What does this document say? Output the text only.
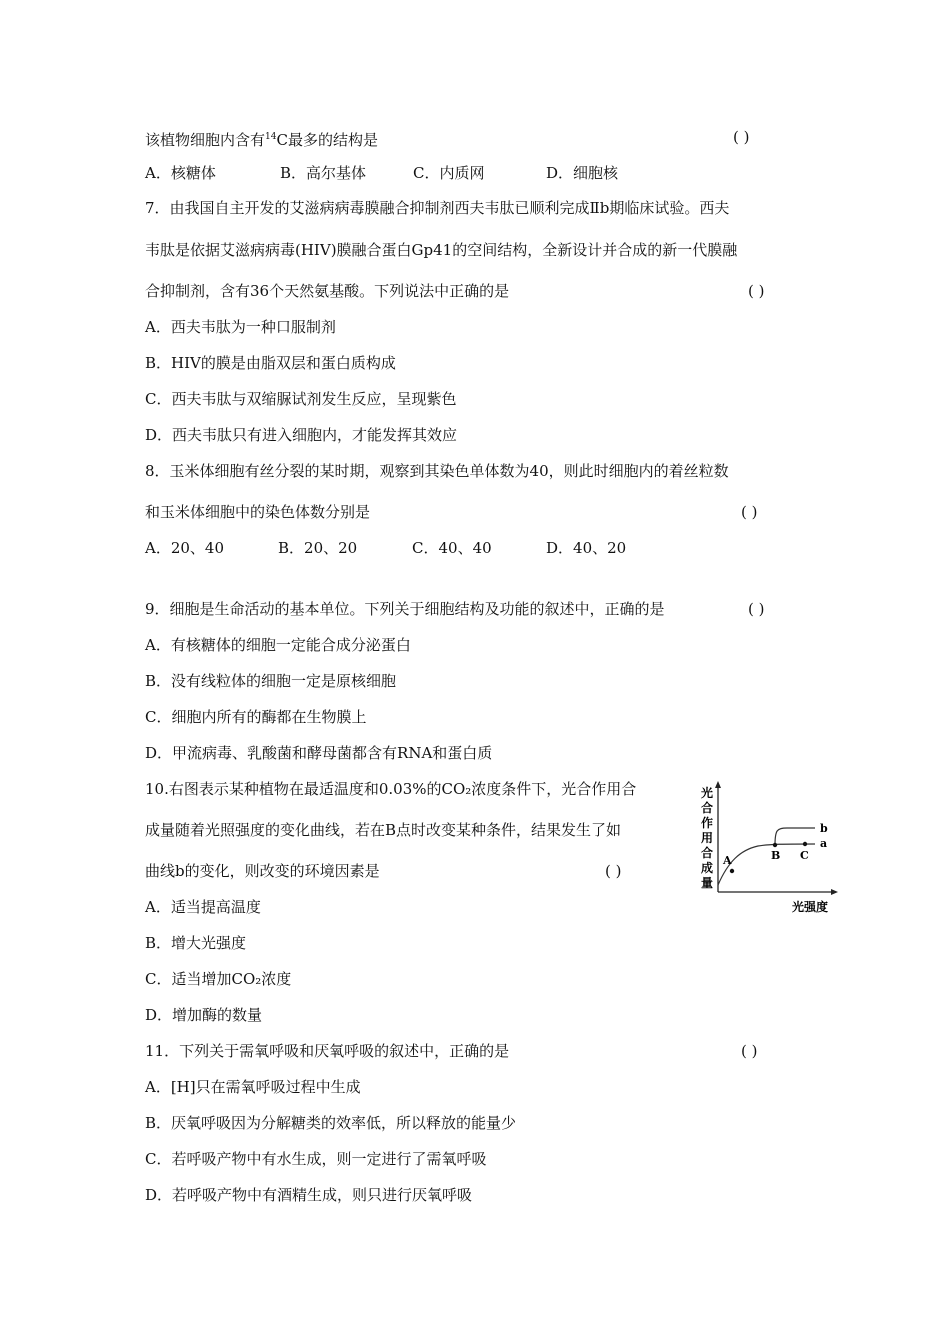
该植物细胞内含有$^{14}$C最多的结构是	( )
A．核糖体	B．高尔基体	C．内质网	D．细胞核
7．由我国自主开发的艾滋病病毒膜融合抑制剂西夫韦肽已顺利完成Ⅱb期临床试验。西夫
韦肽是依据艾滋病病毒(HIV)膜融合蛋白Gp41的空间结构，全新设计并合成的新一代膜融
合抑制剂，含有36个天然氨基酸。下列说法中正确的是	( )
A．西夫韦肽为一种口服制剂
B．HIV的膜是由脂双层和蛋白质构成
C．西夫韦肽与双缩脲试剂发生反应，呈现紫色
D．西夫韦肽只有进入细胞内，才能发挥其效应
8．玉米体细胞有丝分裂的某时期，观察到其染色单体数为40，则此时细胞内的着丝粒数
和玉米体细胞中的染色体数分别是	( )
A．20、40	B．20、20	C．40、40	D．40、20
9．细胞是生命活动的基本单位。下列关于细胞结构及功能的叙述中，正确的是	( )
A．有核糖体的细胞一定能合成分泌蛋白
B．没有线粒体的细胞一定是原核细胞
C．细胞内所有的酶都在生物膜上
D．甲流病毒、乳酸菌和酵母菌都含有RNA和蛋白质
10.右图表示某种植物在最适温度和0.03%的CO₂浓度条件下，光合作用合
成量随着光照强度的变化曲线，若在B点时改变某种条件，结果发生了如
曲线b的变化，则改变的环境因素是	( )
A．适当提高温度
B．增大光强度
C．适当增加CO₂浓度
D．增加酶的数量
光
合
作
用
合
成
量
A	B C
b
a
光强度
11．下列关于需氧呼吸和厌氧呼吸的叙述中，正确的是	( )
A．[H]只在需氧呼吸过程中生成
B．厌氧呼吸因为分解糖类的效率低，所以释放的能量少
C．若呼吸产物中有水生成，则一定进行了需氧呼吸
D．若呼吸产物中有酒精生成，则只进行厌氧呼吸
